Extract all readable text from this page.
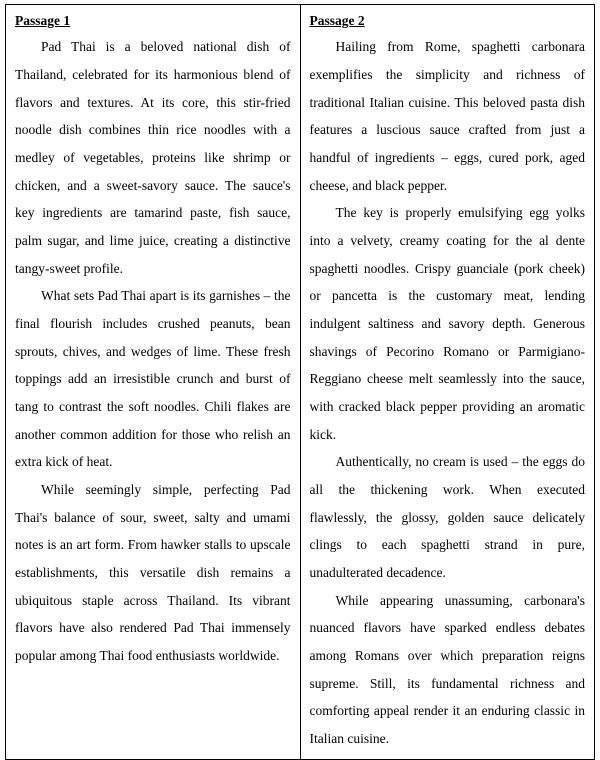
Passage 1

Pad Thai is a beloved national dish of Thailand, celebrated for its harmonious blend of flavors and textures. At its core, this stir-fried noodle dish combines thin rice noodles with a medley of vegetables, proteins like shrimp or chicken, and a sweet-savory sauce. The sauce's key ingredients are tamarind paste, fish sauce, palm sugar, and lime juice, creating a distinctive tangy-sweet profile.

What sets Pad Thai apart is its garnishes – the final flourish includes crushed peanuts, bean sprouts, chives, and wedges of lime. These fresh toppings add an irresistible crunch and burst of tang to contrast the soft noodles. Chili flakes are another common addition for those who relish an extra kick of heat.

While seemingly simple, perfecting Pad Thai's balance of sour, sweet, salty and umami notes is an art form. From hawker stalls to upscale establishments, this versatile dish remains a ubiquitous staple across Thailand. Its vibrant flavors have also rendered Pad Thai immensely popular among Thai food enthusiasts worldwide.

Passage 2

Hailing from Rome, spaghetti carbonara exemplifies the simplicity and richness of traditional Italian cuisine. This beloved pasta dish features a luscious sauce crafted from just a handful of ingredients – eggs, cured pork, aged cheese, and black pepper.

The key is properly emulsifying egg yolks into a velvety, creamy coating for the al dente spaghetti noodles. Crispy guanciale (pork cheek) or pancetta is the customary meat, lending indulgent saltiness and savory depth. Generous shavings of Pecorino Romano or Parmigiano-Reggiano cheese melt seamlessly into the sauce, with cracked black pepper providing an aromatic kick.

Authentically, no cream is used – the eggs do all the thickening work. When executed flawlessly, the glossy, golden sauce delicately clings to each spaghetti strand in pure, unadulterated decadence.

While appearing unassuming, carbonara's nuanced flavors have sparked endless debates among Romans over which preparation reigns supreme. Still, its fundamental richness and comforting appeal render it an enduring classic in Italian cuisine.
